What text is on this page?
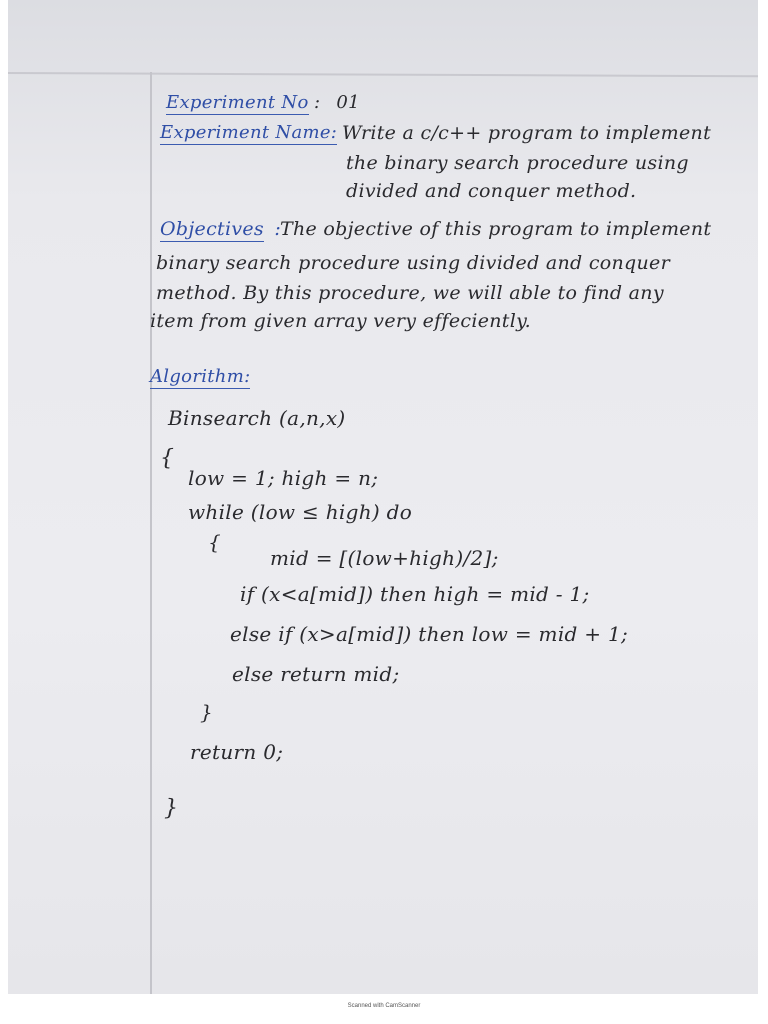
Experiment No : 01

Experiment Name: Write a c/c++ program to implement

the binary search procedure using

divided and conquer method.

Objectives :

The objective of this program to implement

binary search procedure using divided and conquer

method. By this procedure, we will able to find any

item from given array very effeciently.

Algorithm:

Binsearch (a,n,x)

{

low = 1; high = n;

while (low ≤ high) do

{

mid = [(low+high)/2];

if (x<a[mid]) then high = mid - 1;

else if (x>a[mid]) then low = mid + 1;

else return mid;

}

return 0;

}

Scanned with CamScanner
